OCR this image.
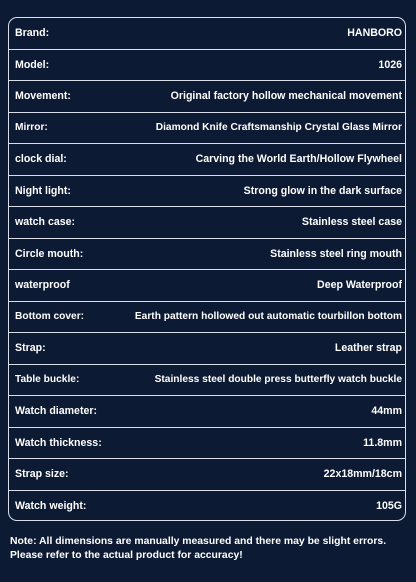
Brand:	HANBORO
Model:	1026
Movement:	Original factory hollow mechanical movement
Mirror:	Diamond Knife Craftsmanship Crystal Glass Mirror
clock dial:	Carving the World Earth/Hollow Flywheel
Night light:	Strong glow in the dark surface
watch case:	Stainless steel case
Circle mouth:	Stainless steel ring mouth
waterproof	Deep Waterproof
Bottom cover:	Earth pattern hollowed out automatic tourbillon bottom
Strap:	Leather strap
Table buckle:	Stainless steel double press butterfly watch buckle
Watch diameter:	44mm
Watch thickness:	11.8mm
Strap size:	22x18mm/18cm
Watch weight:	105G
Note: All dimensions are manually measured and there may be slight errors.
Please refer to the actual product for accuracy!
